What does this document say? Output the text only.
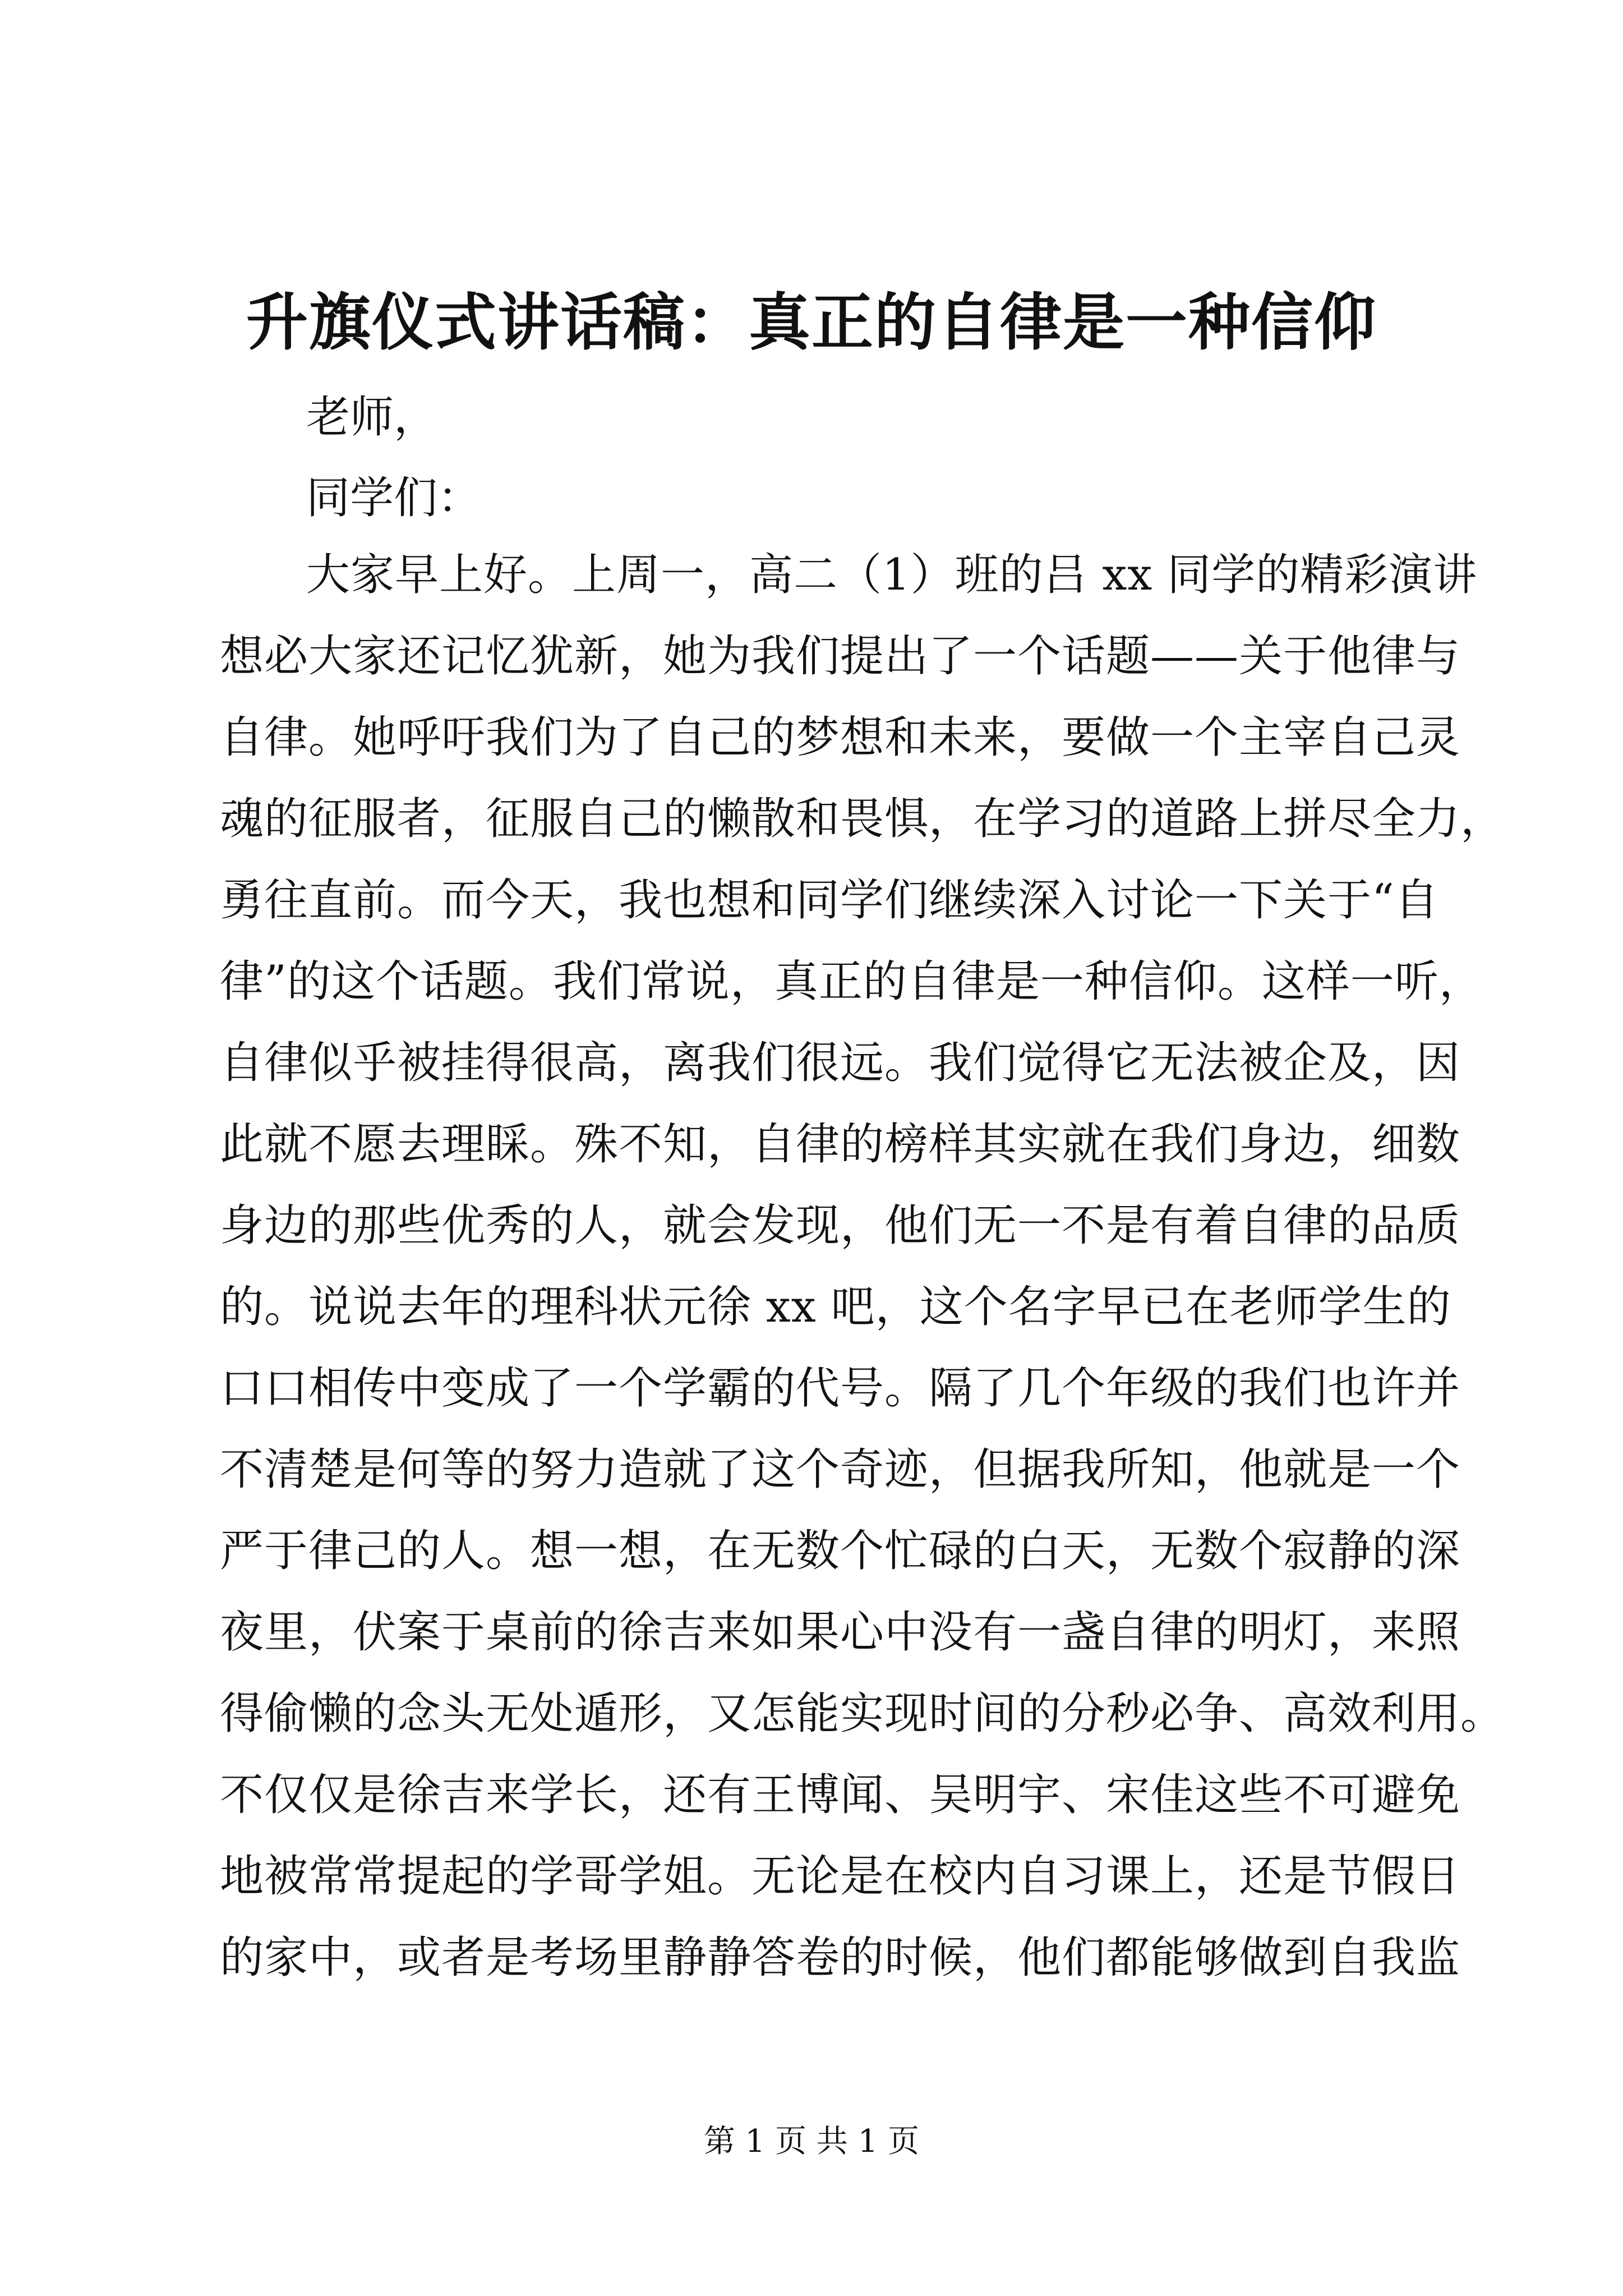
升旗仪式讲话稿：真正的自律是一种信仰
老师，
同学们：
大家早上好。上周一，高二（1）班的吕 xx 同学的精彩演讲
想必大家还记忆犹新，她为我们提出了一个话题——关于他律与
自律。她呼吁我们为了自己的梦想和未来，要做一个主宰自己灵
魂的征服者，征服自己的懒散和畏惧，在学习的道路上拼尽全力，
勇往直前。而今天，我也想和同学们继续深入讨论一下关于“自
律”的这个话题。我们常说，真正的自律是一种信仰。这样一听，
自律似乎被挂得很高，离我们很远。我们觉得它无法被企及，因
此就不愿去理睬。殊不知，自律的榜样其实就在我们身边，细数
身边的那些优秀的人，就会发现，他们无一不是有着自律的品质
的。说说去年的理科状元徐 xx 吧，这个名字早已在老师学生的
口口相传中变成了一个学霸的代号。隔了几个年级的我们也许并
不清楚是何等的努力造就了这个奇迹，但据我所知，他就是一个
严于律己的人。想一想，在无数个忙碌的白天，无数个寂静的深
夜里，伏案于桌前的徐吉来如果心中没有一盏自律的明灯，来照
得偷懒的念头无处遁形，又怎能实现时间的分秒必争、高效利用。
不仅仅是徐吉来学长，还有王博闻、吴明宇、宋佳这些不可避免
地被常常提起的学哥学姐。无论是在校内自习课上，还是节假日
的家中，或者是考场里静静答卷的时候，他们都能够做到自我监
第 1 页 共 1 页
